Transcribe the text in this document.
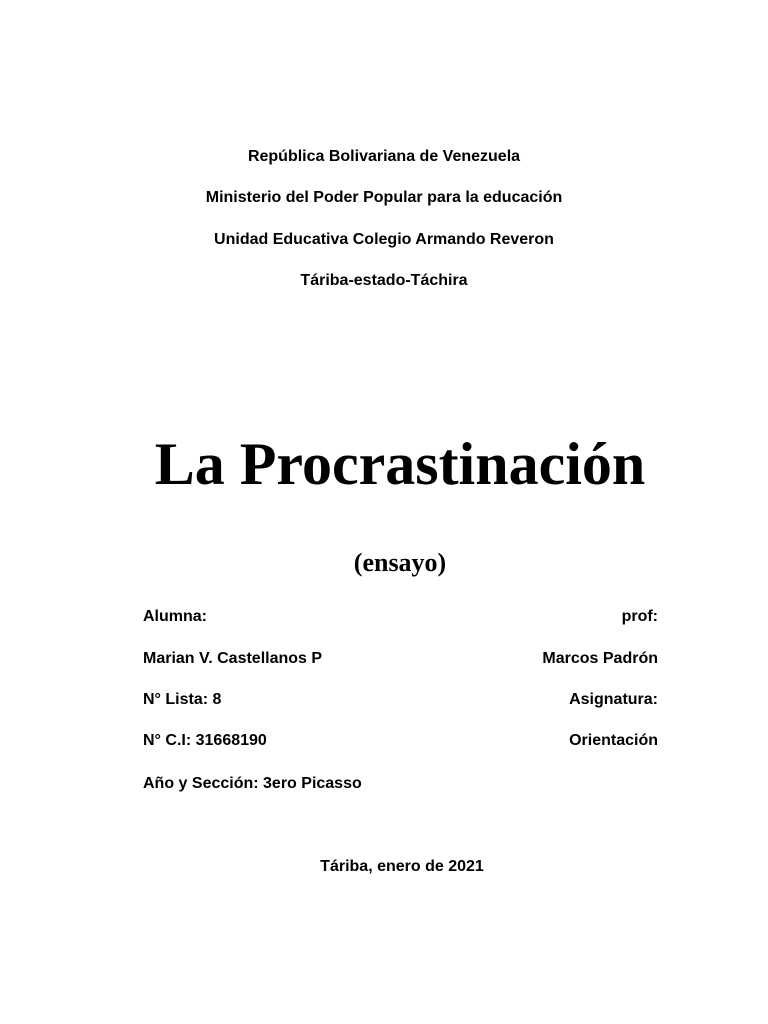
República Bolivariana de Venezuela
Ministerio del Poder Popular para la educación
Unidad Educativa Colegio Armando Reveron
Táriba-estado-Táchira
La Procrastinación
(ensayo)
Alumna:
Marian V. Castellanos P
N° Lista: 8
N° C.I: 31668190
Año y Sección: 3ero Picasso
prof:
Marcos Padrón
Asignatura:
Orientación
Táriba, enero de 2021
